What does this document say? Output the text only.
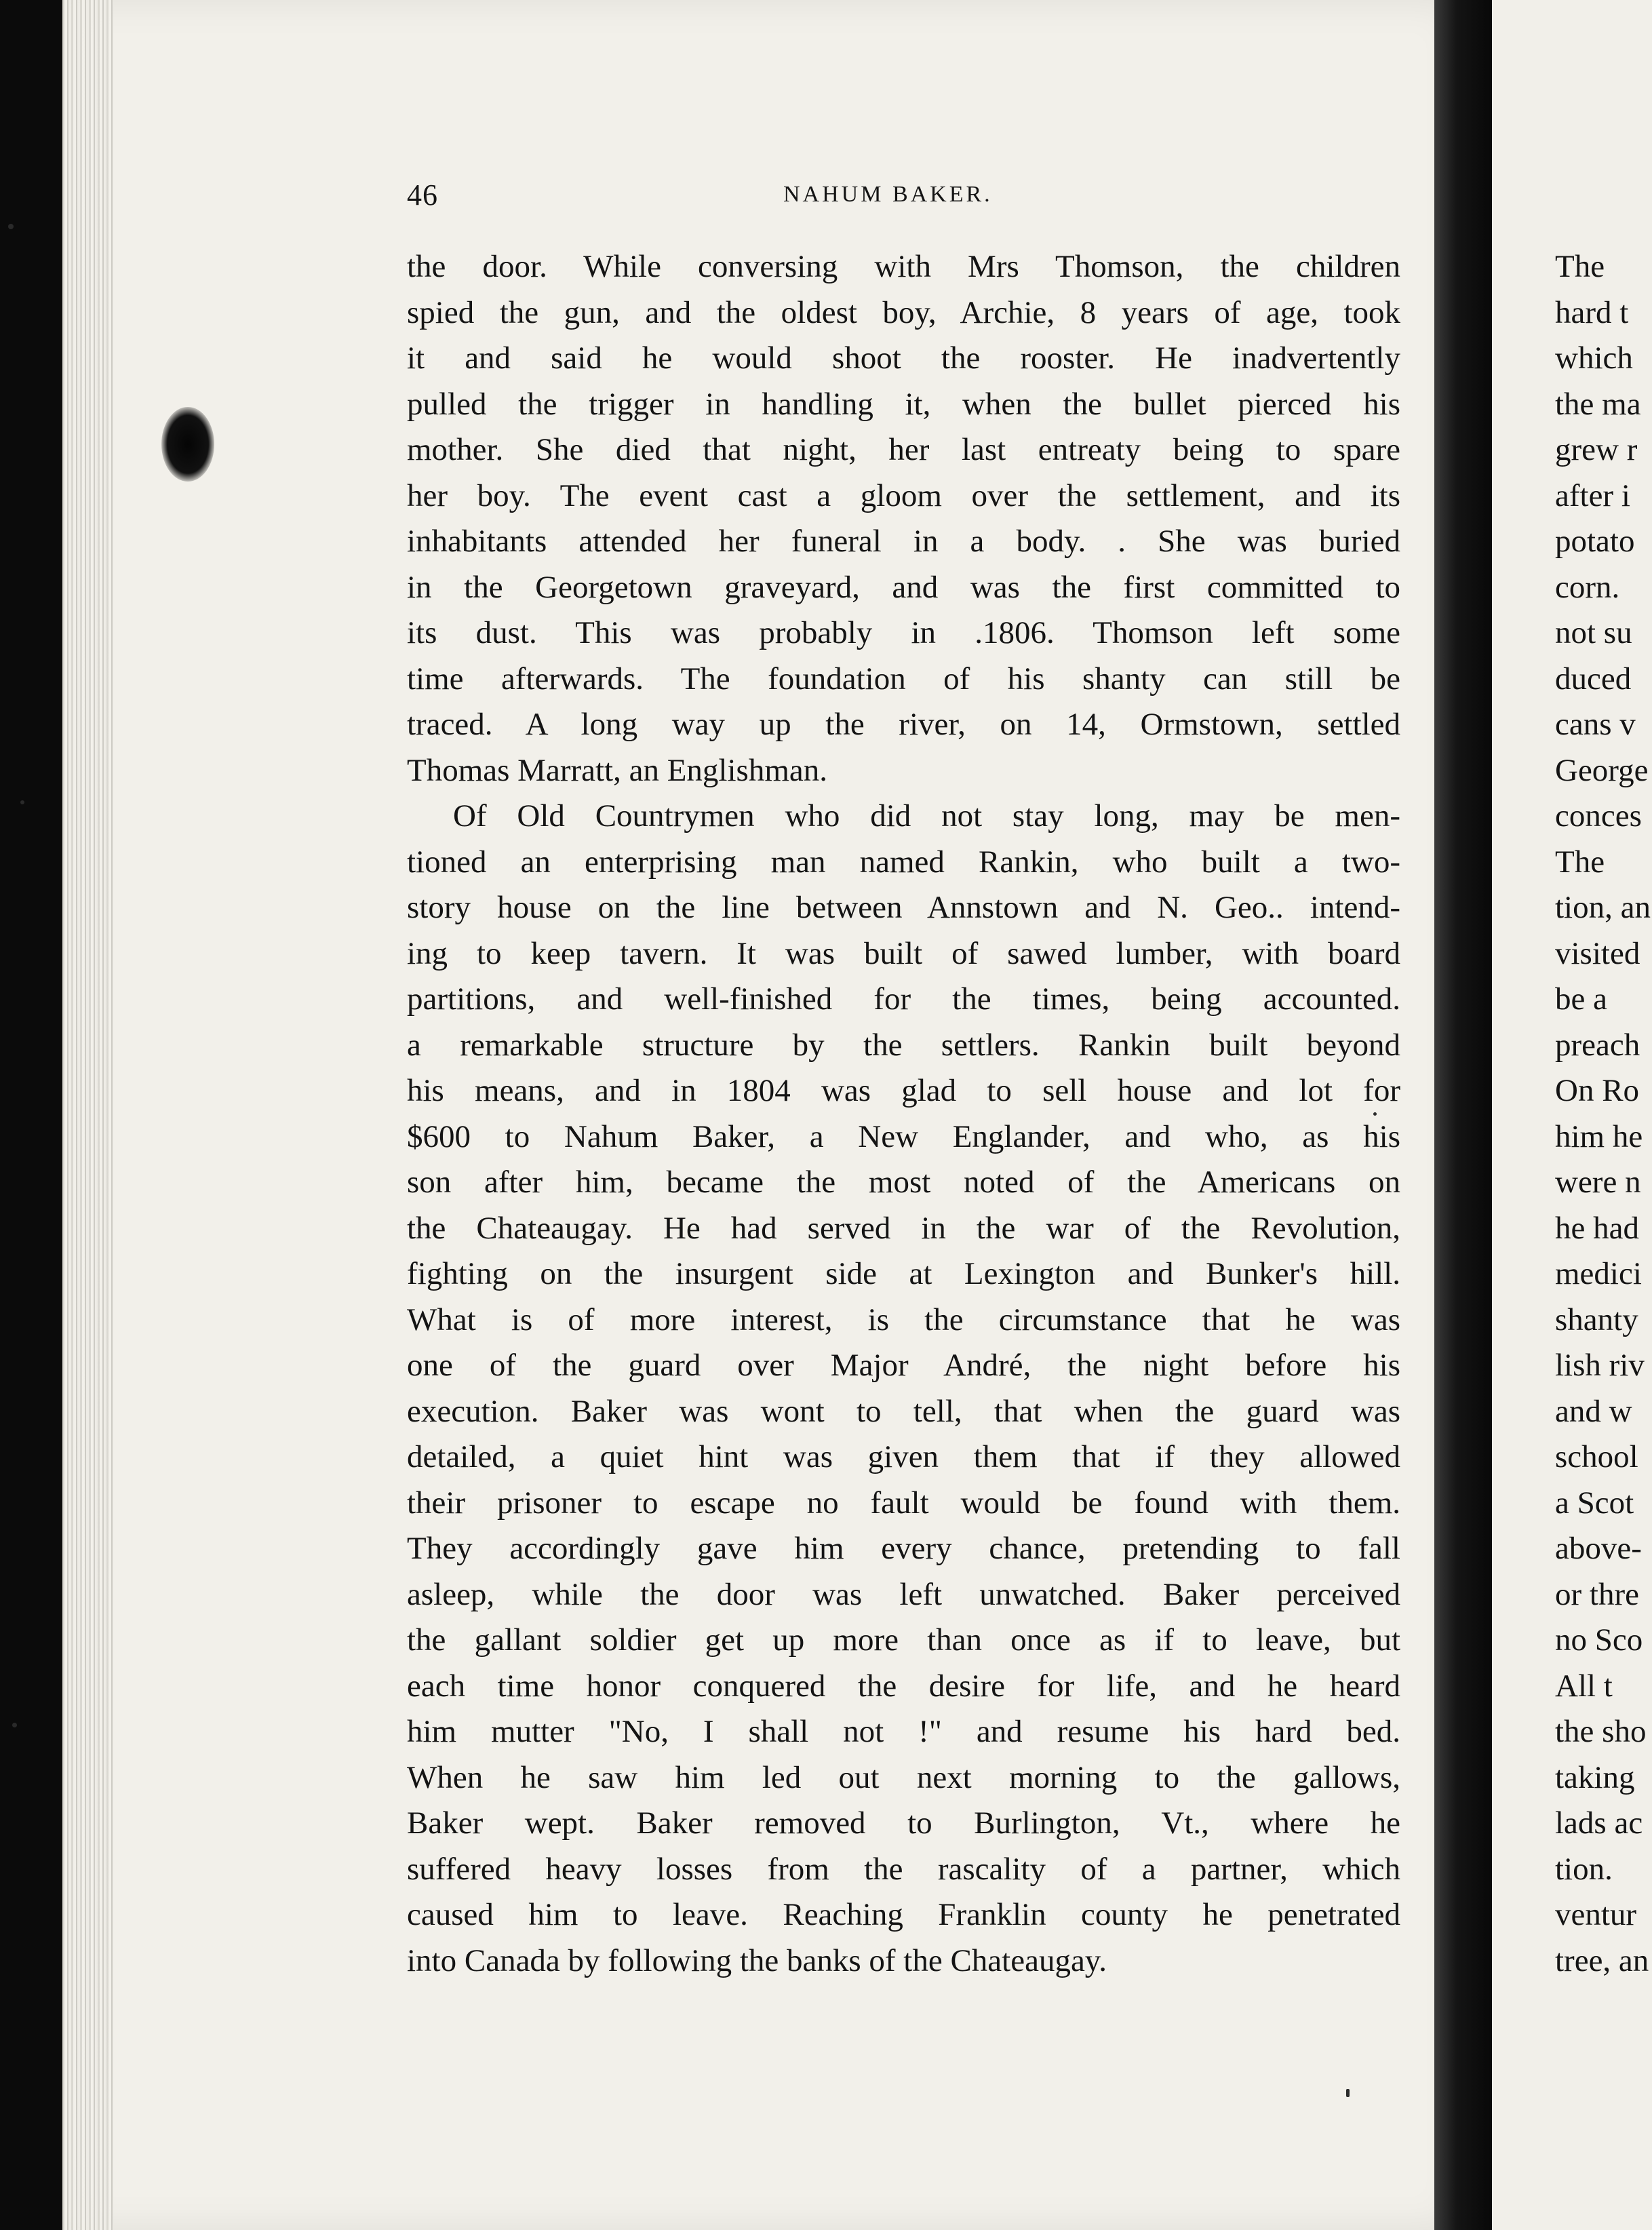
46	NAHUM BAKER.
the door. While conversing with Mrs Thomson, the children
spied the gun, and the oldest boy, Archie, 8 years of age, took
it and said he would shoot the rooster. He inadvertently
pulled the trigger in handling it, when the bullet pierced his
mother. She died that night, her last entreaty being to spare
her boy. The event cast a gloom over the settlement, and its
inhabitants attended her funeral in a body. . She was buried
in the Georgetown graveyard, and was the first committed to
its dust. This was probably in .1806. Thomson left some
time afterwards. The foundation of his shanty can still be
traced. A long way up the river, on 14, Ormstown, settled
Thomas Marratt, an Englishman.
Of Old Countrymen who did not stay long, may be men-
tioned an enterprising man named Rankin, who built a two-
story house on the line between Annstown and N. Geo.. intend-
ing to keep tavern. It was built of sawed lumber, with board
partitions, and well-finished for the times, being accounted.
a remarkable structure by the settlers. Rankin built beyond
his means, and in 1804 was glad to sell house and lot for
$600 to Nahum Baker, a New Englander, and who, as his
son after him, became the most noted of the Americans on
the Chateaugay. He had served in the war of the Revolution,
fighting on the insurgent side at Lexington and Bunker's hill.
What is of more interest, is the circumstance that he was
one of the guard over Major André, the night before his
execution. Baker was wont to tell, that when the guard was
detailed, a quiet hint was given them that if they allowed
their prisoner to escape no fault would be found with them.
They accordingly gave him every chance, pretending to fall
asleep, while the door was left unwatched. Baker perceived
the gallant soldier get up more than once as if to leave, but
each time honor conquered the desire for life, and he heard
him mutter "No, I shall not !" and resume his hard bed.
When he saw him led out next morning to the gallows,
Baker wept. Baker removed to Burlington, Vt., where he
suffered heavy losses from the rascality of a partner, which
caused him to leave. Reaching Franklin county he penetrated
into Canada by following the banks of the Chateaugay.
The
hard t
which
the ma
grew r
after i
potato
corn.
not su
duced
cans v
George
conces
The
tion, an
visited
be a
preach
On Ro
him he
were n
he had
medici
shanty
lish riv
and w
school
a Scot
above-
or thre
no Sco
All t
the sho
taking
lads ac
tion.
ventur
tree, an
